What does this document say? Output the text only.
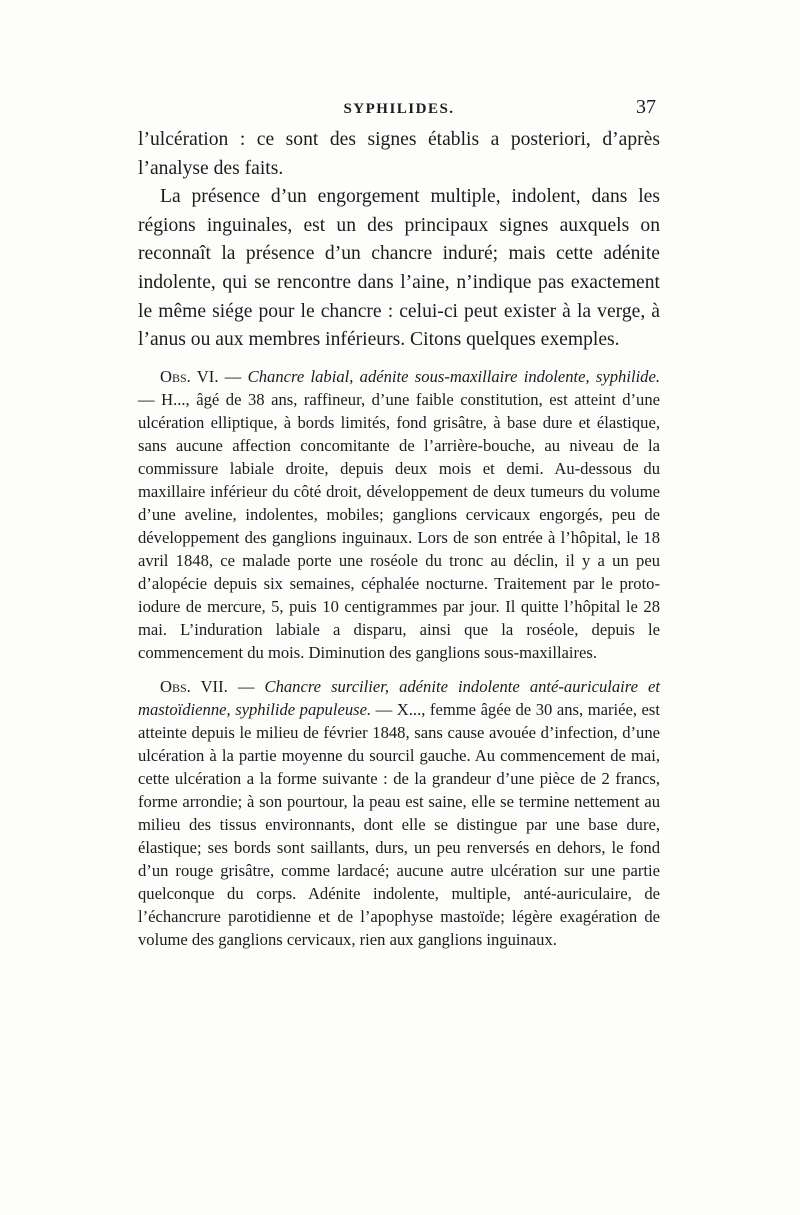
SYPHILIDES.	37

l’ulcération : ce sont des signes établis a posteriori, d’après l’analyse des faits.

La présence d’un engorgement multiple, indolent, dans les régions inguinales, est un des principaux signes auxquels on reconnaît la présence d’un chancre induré; mais cette adénite indolente, qui se rencontre dans l’aine, n’indique pas exactement le même siége pour le chancre : celui-ci peut exister à la verge, à l’anus ou aux membres inférieurs. Citons quelques exemples.

Obs. VI. — Chancre labial, adénite sous-maxillaire indolente, syphilide. — H..., âgé de 38 ans, raffineur, d’une faible constitution, est atteint d’une ulcération elliptique, à bords limités, fond grisâtre, à base dure et élastique, sans aucune affection concomitante de l’arrière-bouche, au niveau de la commissure labiale droite, depuis deux mois et demi. Au-dessous du maxillaire inférieur du côté droit, développement de deux tumeurs du volume d’une aveline, indolentes, mobiles; ganglions cervicaux engorgés, peu de développement des ganglions inguinaux. Lors de son entrée à l’hôpital, le 18 avril 1848, ce malade porte une roséole du tronc au déclin, il y a un peu d’alopécie depuis six semaines, céphalée nocturne. Traitement par le proto-iodure de mercure, 5, puis 10 centigrammes par jour. Il quitte l’hôpital le 28 mai. L’induration labiale a disparu, ainsi que la roséole, depuis le commencement du mois. Diminution des ganglions sous-maxillaires.

Obs. VII. — Chancre surcilier, adénite indolente anté-auriculaire et mastoïdienne, syphilide papuleuse. — X..., femme âgée de 30 ans, mariée, est atteinte depuis le milieu de février 1848, sans cause avouée d’infection, d’une ulcération à la partie moyenne du sourcil gauche. Au commencement de mai, cette ulcération a la forme suivante : de la grandeur d’une pièce de 2 francs, forme arrondie; à son pourtour, la peau est saine, elle se termine nettement au milieu des tissus environnants, dont elle se distingue par une base dure, élastique; ses bords sont saillants, durs, un peu renversés en dehors, le fond d’un rouge grisâtre, comme lardacé; aucune autre ulcération sur une partie quelconque du corps. Adénite indolente, multiple, anté-auriculaire, de l’échancrure parotidienne et de l’apophyse mastoïde; légère exagération de volume des ganglions cervicaux, rien aux ganglions inguinaux.
